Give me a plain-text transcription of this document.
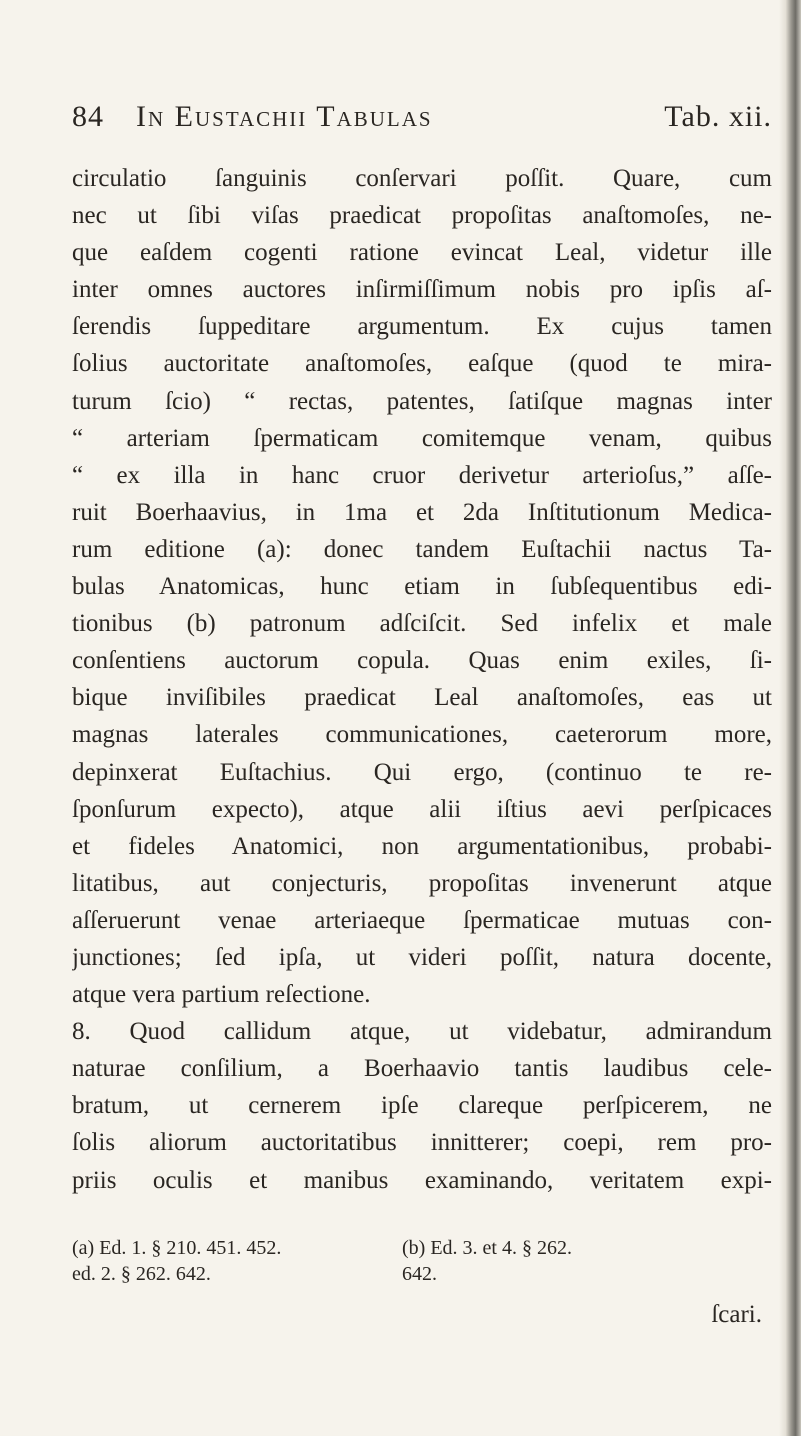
84 In Eustachii Tabulas	Tab. xii.
circulatio ſanguinis conſervari poſſit. Quare, cum
nec ut ſibi viſas praedicat propoſitas anaſtomoſes, ne-
que eaſdem cogenti ratione evincat Leal, videtur ille
inter omnes auctores inſirmiſſimum nobis pro ipſis aſ-
ſerendis ſuppeditare argumentum. Ex cujus tamen
ſolius auctoritate anaſtomoſes, eaſque (quod te mira-
turum ſcio) “ rectas, patentes, ſatiſque magnas inter
“ arteriam ſpermaticam comitemque venam, quibus
“ ex illa in hanc cruor derivetur arterioſus,” aſſe-
ruit Boerhaavius, in 1ma et 2da Inſtitutionum Medica-
rum editione (a): donec tandem Euſtachii nactus Ta-
bulas Anatomicas, hunc etiam in ſubſequentibus edi-
tionibus (b) patronum adſciſcit. Sed infelix et male
conſentiens auctorum copula. Quas enim exiles, ſi-
bique inviſibiles praedicat Leal anaſtomoſes, eas ut
magnas laterales communicationes, caeterorum more,
depinxerat Euſtachius. Qui ergo, (continuo te re-
ſponſurum expecto), atque alii iſtius aevi perſpicaces
et fideles Anatomici, non argumentationibus, probabi-
litatibus, aut conjecturis, propoſitas invenerunt atque
aſſeruerunt venae arteriaeque ſpermaticae mutuas con-
junctiones; ſed ipſa, ut videri poſſit, natura docente,
atque vera partium reſectione.
8. Quod callidum atque, ut videbatur, admirandum
naturae conſilium, a Boerhaavio tantis laudibus cele-
bratum, ut cernerem ipſe clareque perſpicerem, ne
ſolis aliorum auctoritatibus innitterer; coepi, rem pro-
priis oculis et manibus examinando, veritatem expi-
(a) Ed. 1. § 210. 451. 452.	(b) Ed. 3. et 4. § 262.
ed. 2. § 262. 642.	642.
ſcari.
